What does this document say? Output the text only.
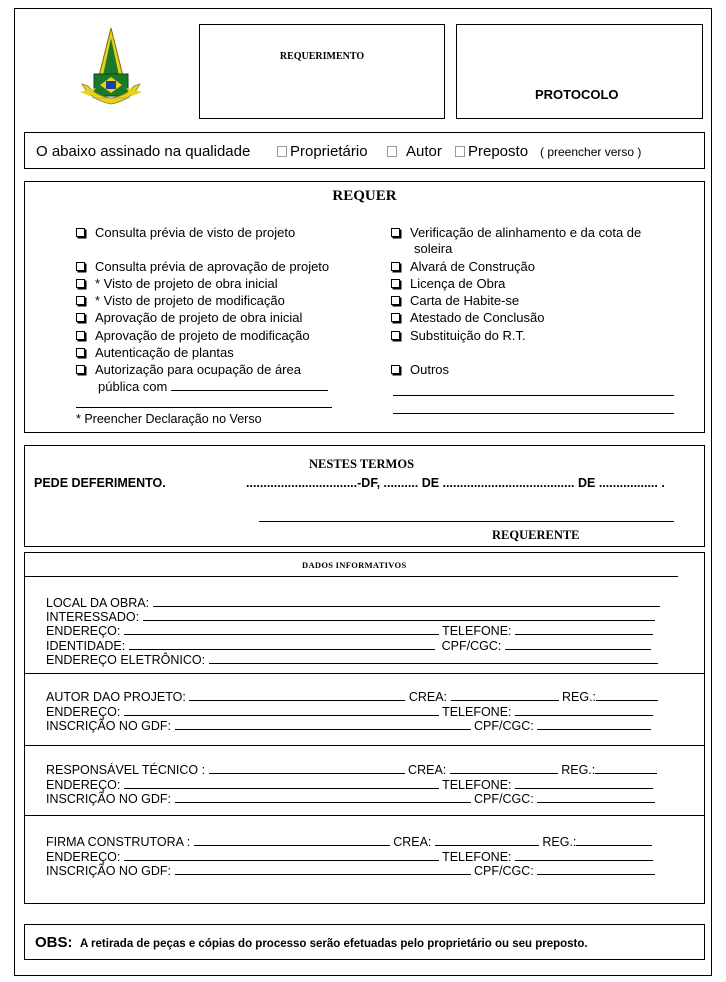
REQUERIMENTO
PROTOCOLO
O abaixo assinado na qualidade	Proprietário	Autor	Preposto ( preencher verso )
REQUER
Consulta prévia de visto de projeto
Consulta prévia de aprovação de projeto
* Visto de projeto de obra inicial
* Visto de projeto de modificação
Aprovação de projeto de obra inicial
Aprovação de projeto de modificação
Autenticação de plantas
Autorização para ocupação de área
pública com
* Preencher Declaração no Verso
Verificação de alinhamento e da cota de
soleira
Alvará de Construção
Licença de Obra
Carta de Habite-se
Atestado de Conclusão
Substituição do R.T.
Outros
NESTES TERMOS
PEDE DEFERIMENTO.	................................-DF, .......... DE ...................................... DE ................. .
REQUERENTE
DADOS INFORMATIVOS
LOCAL DA OBRA:
INTERESSADO:
ENDEREÇO:	TELEFONE:
IDENTIDADE:	CPF/CGC:
ENDEREÇO ELETRÔNICO:
AUTOR DAO PROJETO:	CREA:	REG.:
ENDEREÇO:	TELEFONE:
INSCRIÇÃO NO GDF:	CPF/CGC:
RESPONSÁVEL TÉCNICO :	CREA:	REG.:
ENDEREÇO:	TELEFONE:
INSCRIÇÃO NO GDF:	CPF/CGC:
FIRMA CONSTRUTORA :	CREA:	REG.:
ENDEREÇO:	TELEFONE:
INSCRIÇÃO NO GDF:	CPF/CGC:
OBS: A retirada de peças e cópias do processo serão efetuadas pelo proprietário ou seu preposto.
